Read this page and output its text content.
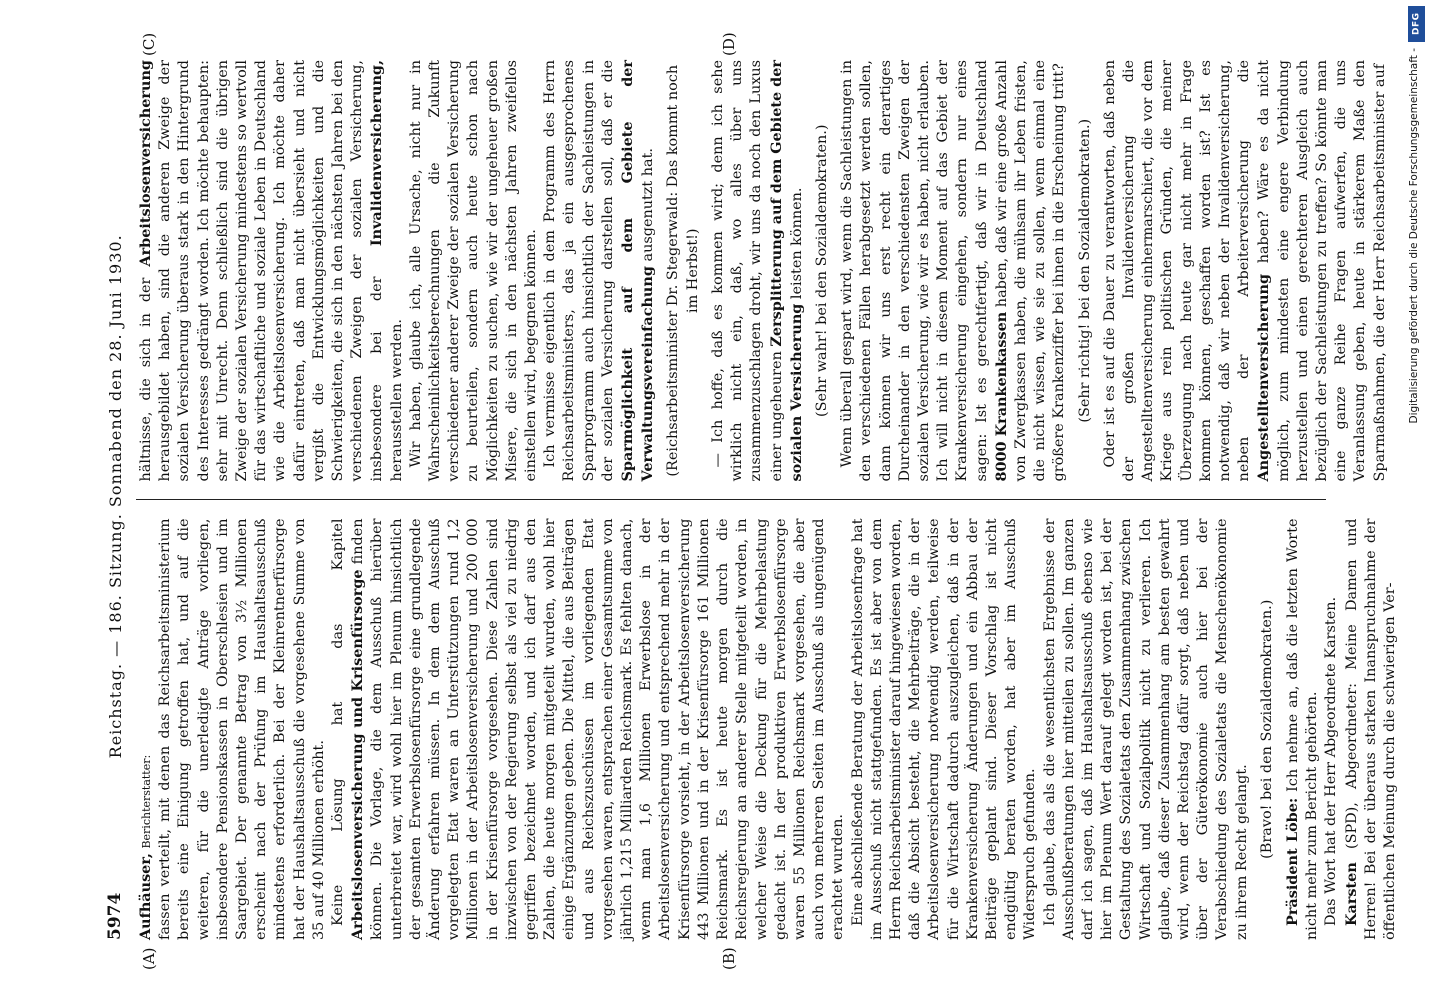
5974
Reichstag. — 186. Sitzung. Sonnabend den 28. Juni 1930.

Aufhäuser, Berichterstatter: fassen verteilt, mit denen das Reichsarbeitsministerium bereits eine Einigung getroffen hat, und auf die weiteren, für die unerledigte Anträge vorliegen, insbesondere Pensionskassen in Oberschlesien und im Saargebiet. Der genannte Betrag von 3½ Millionen erscheint nach der Prüfung im Haushaltsausschuß mindestens erforderlich. Bei der Kleinrentnerfürsorge hat der Haushaltsausschuß die vorgesehene Summe von 35 auf 40 Millionen erhöht. Keine Lösung hat das Kapitel Arbeitslosenversicherung und Krisenfürsorge finden können. Die Vorlage, die dem Ausschuß hierüber unterbreitet war, wird wohl hier im Plenum hinsichtlich der gesamten Erwerbslosenfürsorge eine grundlegende Änderung erfahren müssen. In dem dem Ausschuß vorgelegten Etat waren an Unterstützungen rund 1,2 Millionen in der Arbeitslosenversicherung und 200 000 in der Krisenfürsorge vorgesehen. Diese Zahlen sind inzwischen von der Regierung selbst als viel zu niedrig gegriffen bezeichnet worden, und ich darf aus den Zahlen, die heute morgen mitgeteilt wurden, wohl hier einige Ergänzungen geben. Die Mittel, die aus Beiträgen und aus Reichszuschüssen im vorliegenden Etat vorgesehen waren, entsprachen einer Gesamtsumme von jährlich 1,215 Milliarden Reichsmark. Es fehlten danach, wenn man 1,6 Millionen Erwerbslose in der Arbeitslosenversicherung und entsprechend mehr in der Krisenfürsorge vorsieht, in der Arbeitslosenversicherung 443 Millionen und in der Krisenfürsorge 161 Millionen Reichsmark. Es ist heute morgen durch die Reichsregierung an anderer Stelle mitgeteilt worden, in welcher Weise die Deckung für die Mehrbelastung gedacht ist. In der produktiven Erwerbslosenfürsorge waren 55 Millionen Reichsmark vorgesehen, die aber auch von mehreren Seiten im Ausschuß als ungenügend erachtet wurden. Eine abschließende Beratung der Arbeitslosenfrage hat im Ausschuß nicht stattgefunden. Es ist aber von dem Herrn Reichsarbeitsminister darauf hingewiesen worden, daß die Absicht besteht, die Mehrbeiträge, die in der Arbeitslosenversicherung notwendig werden, teilweise für die Wirtschaft dadurch auszugleichen, daß in der Krankenversicherung Änderungen und ein Abbau der Beiträge geplant sind. Dieser Vorschlag ist nicht endgültig beraten worden, hat aber im Ausschuß Widerspruch gefunden. Ich glaube, das als die wesentlichsten Ergebnisse der Ausschußberatungen hier mitteilen zu sollen. Im ganzen darf ich sagen, daß im Haushaltsausschuß ebenso wie hier im Plenum Wert darauf gelegt worden ist, bei der Gestaltung des Sozialetats den Zusammenhang zwischen Wirtschaft und Sozialpolitik nicht zu verlieren. Ich glaube, daß dieser Zusammenhang am besten gewahrt wird, wenn der Reichstag dafür sorgt, daß neben und über der Güterökonomie auch hier bei der Verabschiedung des Sozialetats die Menschenökonomie zu ihrem Recht gelangt. (Bravo! bei den Sozialdemokraten.)

Präsident Löbe: Ich nehme an, daß die letzten Worte nicht mehr zum Bericht gehörten. Das Wort hat der Herr Abgeordnete Karsten. Karsten (SPD), Abgeordneter: Meine Damen und Herren! Bei der überaus starken Inanspruchnahme der öffentlichen Meinung durch die schwierigen Ver-

hältnisse, die sich in der Arbeitslosenversicherung herausgebildet haben, sind die anderen Zweige der sozialen Versicherung überaus stark in den Hintergrund des Interesses gedrängt worden. Ich möchte behaupten: sehr mit Unrecht. Denn schließlich sind die übrigen Zweige der sozialen Versicherung mindestens so wertvoll für das wirtschaftliche und soziale Leben in Deutschland wie die Arbeitslosenversicherung. Ich möchte daher dafür eintreten, daß man nicht übersieht und nicht vergißt die Entwicklungsmöglichkeiten und die Schwierigkeiten, die sich in den nächsten Jahren bei den verschiedenen Zweigen der sozialen Versicherung, insbesondere bei der Invalidenversicherung, herausstellen werden. Wir haben, glaube ich, alle Ursache, nicht nur in Wahrscheinlichkeitsberechnungen die Zukunft verschiedener anderer Zweige der sozialen Versicherung zu beurteilen, sondern auch heute schon nach Möglichkeiten zu suchen, wie wir der ungeheuer großen Misere, die sich in den nächsten Jahren zweifellos einstellen wird, begegnen können. Ich vermisse eigentlich in dem Programm des Herrn Reichsarbeitsministers, das ja ein ausgesprochenes Sparprogramm auch hinsichtlich der Sachleistungen in der sozialen Versicherung darstellen soll, daß er die Sparmöglichkeit auf dem Gebiete der Verwaltungsvereinfachung ausgenutzt hat. (Reichsarbeitsminister Dr. Stegerwald: Das kommt noch im Herbst!) — Ich hoffe, daß es kommen wird; denn ich sehe wirklich nicht ein, daß, wo alles über uns zusammenzuschlagen droht, wir uns da noch den Luxus einer ungeheuren Zersplitterung auf dem Gebiete der sozialen Versicherung leisten können. (Sehr wahr! bei den Sozialdemokraten.) Wenn überall gespart wird, wenn die Sachleistungen in den verschiedenen Fällen herabgesetzt werden sollen, dann können wir uns erst recht ein derartiges Durcheinander in den verschiedensten Zweigen der sozialen Versicherung, wie wir es haben, nicht erlauben. Ich will nicht in diesem Moment auf das Gebiet der Krankenversicherung eingehen, sondern nur eines sagen: Ist es gerechtfertigt, daß wir in Deutschland 8000 Krankenkassen haben, daß wir eine große Anzahl von Zwergkassen haben, die mühsam ihr Leben fristen, die nicht wissen, wie sie zu sollen, wenn einmal eine größere Krankenziffer bei ihnen in die Erscheinung tritt? (Sehr richtig! bei den Sozialdemokraten.) Oder ist es auf die Dauer zu verantworten, daß neben der großen Invalidenversicherung die Angestelltenversicherung einhermarschiert, die vor dem Kriege aus rein politischen Gründen, die meiner Überzeugung nach heute gar nicht mehr in Frage kommen können, geschaffen worden ist? Ist es notwendig, daß wir neben der Invalidenversicherung, neben der Arbeiterversicherung die Angestelltenversicherung haben? Wäre es da nicht möglich, zum mindesten eine engere Verbindung herzustellen und einen gerechteren Ausgleich auch bezüglich der Sachleistungen zu treffen? So könnte man eine ganze Reihe Fragen aufwerfen, die uns Veranlassung geben, heute in stärkerem Maße den Sparmaßnahmen, die der Herr Reichsarbeitsminister auf

(A)	(B)
(C)	(D)
DFG
Digitalisierung gefördert durch die Deutsche Forschungsgemeinschaft -
